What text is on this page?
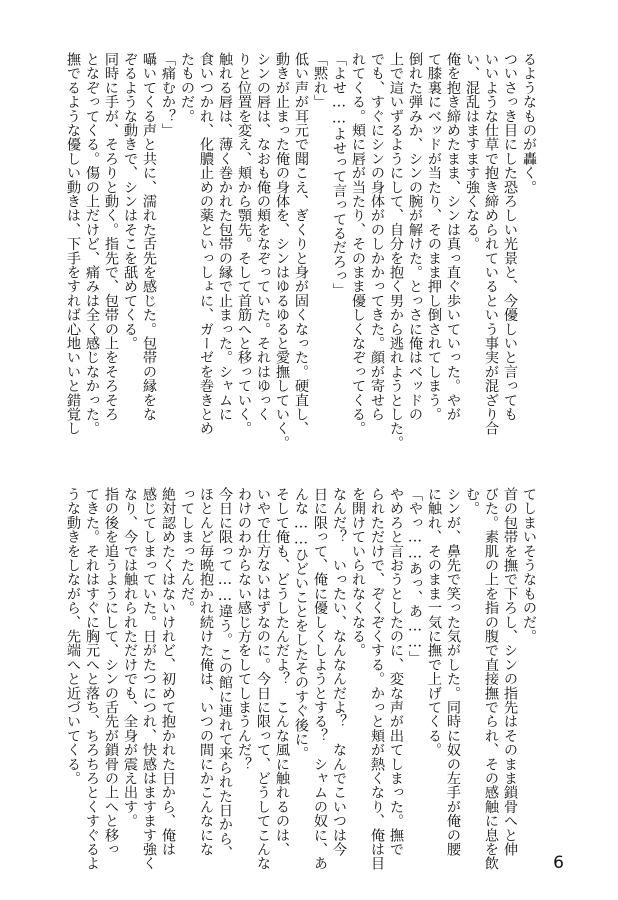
るようなものが轟く。

ついさっき目にした恐ろしい光景と、今優しいと言っても

いいような仕草で抱き締められているという事実が混ざり合

い、混乱はますます強くなる。

俺を抱き締めたまま、シンは真っ直ぐ歩いていった。やが

て膝裏にベッドが当たり、そのまま押し倒されてしまう。

倒れた弾みか、シンの腕が解けた。とっさに俺はベッドの

上で這いずるようにして、自分を抱く男から逃れようとした。

でも、すぐにシンの身体がのしかかってきた。顔が寄せら

れてくる。頬に唇が当たり、そのまま優しくなぞってくる。

「よせ……よせって言ってるだろっ」

「黙れ」

低い声が耳元で聞こえ、ぎくりと身が固くなった。硬直し、

動きが止まった俺の身体を、シンはゆるゆると愛撫していく。

シンの唇は、なおも俺の頬をなぞっていた。それはゆっく

りと位置を変え、頬から顎先。そして首筋へと移っていく。

触れる唇は、薄く巻かれた包帯の縁で止まった。シャムに

食いつかれ、化膿止めの薬といっしょに、ガーゼを巻きとめ

たものだ。

「痛むか？」

囁いてくる声と共に、濡れた舌先を感じた。包帯の縁をな

ぞるような動きで、シンはそこを舐めてくる。

同時に手が、そろりと動く。指先で、包帯の上をそろそろ

となぞってくる。傷の上だけど、痛みは全く感じなかった。

撫でるような優しい動きは、下手をすれば心地いいと錯覚し

てしまいそうなものだ。

首の包帯を撫で下ろし、シンの指先はそのまま鎖骨へと伸

びた。素肌の上を指の腹で直接撫でられ、その感触に息を飲

む。

シンが、鼻先で笑った気がした。同時に奴の左手が俺の腰

に触れ、そのまま一気に撫で上げてくる。

「やっ……あっ、あ……」

やめろと言おうとしたのに、変な声が出てしまった。撫で

られただけで、ぞくぞくする。かっと頬が熱くなり、俺は目

を開けていられなくなる。

なんだ？　いったい、なんなんだよ？　なんでこいつは今

日に限って、俺に優しくしようとする？　シャムの奴に、あ

んな……ひどいことをしたそのすぐ後に。

そして俺も、どうしたんだよ？　こんな風に触れるのは、

いやで仕方ないはずなのに。今日に限って、どうしてこんな

わけのわからない感じ方をしてしまうんだ？

今日に限って……違う。この館に連れて来られた日から、

ほとんど毎晩抱かれ続けた俺は、いつの間にかこんなにな

ってしまったんだ。

絶対認めたくはないけれど、初めて抱かれた日から、俺は

感じてしまっていた。日がたつにつれ、快感はますます強く

なり、今では触れられただけでも、全身が震え出す。

指の後を追うようにして、シンの舌先が鎖骨の上へと移っ

てきた。それはすぐに胸元へと落ち、ちろちろとくすぐるよ

うな動きをしながら、先端へと近づいてくる。

6
